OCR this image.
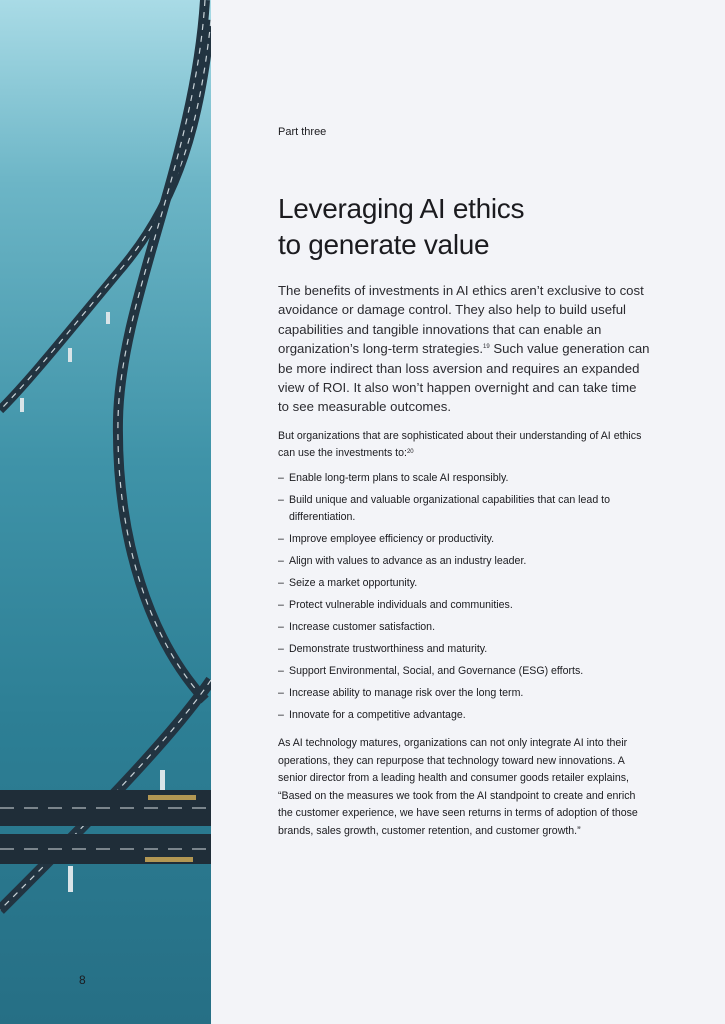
8
Part three
Leveraging AI ethics
to generate value

The benefits of investments in AI ethics aren’t exclusive to cost avoidance or damage control. They also help to build useful capabilities and tangible innovations that can enable an organization’s long-term strategies.$^{19}$ Such value generation can be more indirect than loss aversion and requires an expanded view of ROI. It also won’t happen overnight and can take time to see measurable outcomes.

But organizations that are sophisticated about their understanding of AI ethics can use the investments to:$^{20}$

– Enable long-term plans to scale AI responsibly.
– Build unique and valuable organizational capabilities that can lead to differentiation.
– Improve employee efficiency or productivity.
– Align with values to advance as an industry leader.
– Seize a market opportunity.
– Protect vulnerable individuals and communities.
– Increase customer satisfaction.
– Demonstrate trustworthiness and maturity.
– Support Environmental, Social, and Governance (ESG) efforts.
– Increase ability to manage risk over the long term.
– Innovate for a competitive advantage.

As AI technology matures, organizations can not only integrate AI into their operations, they can repurpose that technology toward new innovations. A senior director from a leading health and consumer goods retailer explains, “Based on the measures we took from the AI standpoint to create and enrich the customer experience, we have seen returns in terms of adoption of those brands, sales growth, customer retention, and customer growth.”
